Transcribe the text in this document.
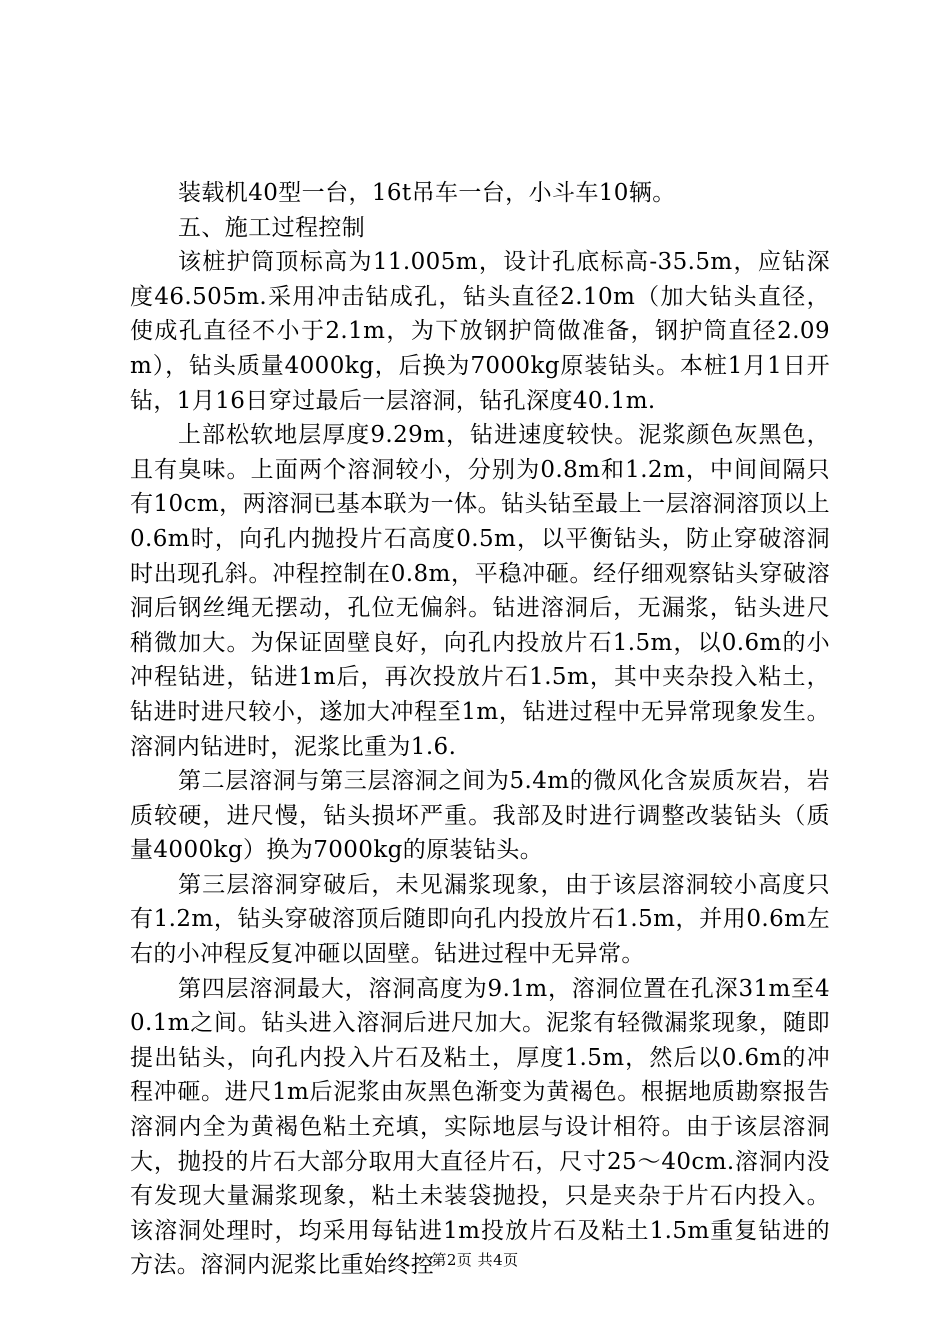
装载机40型一台，16t吊车一台，小斗车10辆。

五、施工过程控制

该桩护筒顶标高为11.005m，设计孔底标高-35.5m，应钻深度46.505m.采用冲击钻成孔，钻头直径2.10m（加大钻头直径，使成孔直径不小于2.1m，为下放钢护筒做准备，钢护筒直径2.09m），钻头质量4000kg，后换为7000kg原装钻头。本桩1月1日开钻，1月16日穿过最后一层溶洞，钻孔深度40.1m.

上部松软地层厚度9.29m，钻进速度较快。泥浆颜色灰黑色，且有臭味。上面两个溶洞较小，分别为0.8m和1.2m，中间间隔只有10cm，两溶洞已基本联为一体。钻头钻至最上一层溶洞溶顶以上0.6m时，向孔内抛投片石高度0.5m，以平衡钻头，防止穿破溶洞时出现孔斜。冲程控制在0.8m，平稳冲砸。经仔细观察钻头穿破溶洞后钢丝绳无摆动，孔位无偏斜。钻进溶洞后，无漏浆，钻头进尺稍微加大。为保证固壁良好，向孔内投放片石1.5m，以0.6m的小冲程钻进，钻进1m后，再次投放片石1.5m，其中夹杂投入粘土，钻进时进尺较小，遂加大冲程至1m，钻进过程中无异常现象发生。溶洞内钻进时，泥浆比重为1.6.

第二层溶洞与第三层溶洞之间为5.4m的微风化含炭质灰岩，岩质较硬，进尺慢，钻头损坏严重。我部及时进行调整改装钻头（质量4000kg）换为7000kg的原装钻头。

第三层溶洞穿破后，未见漏浆现象，由于该层溶洞较小高度只有1.2m，钻头穿破溶顶后随即向孔内投放片石1.5m，并用0.6m左右的小冲程反复冲砸以固壁。钻进过程中无异常。

第四层溶洞最大，溶洞高度为9.1m，溶洞位置在孔深31m至40.1m之间。钻头进入溶洞后进尺加大。泥浆有轻微漏浆现象，随即提出钻头，向孔内投入片石及粘土，厚度1.5m，然后以0.6m的冲程冲砸。进尺1m后泥浆由灰黑色渐变为黄褐色。根据地质勘察报告溶洞内全为黄褐色粘土充填，实际地层与设计相符。由于该层溶洞大，抛投的片石大部分取用大直径片石，尺寸25～40cm.溶洞内没有发现大量漏浆现象，粘土未装袋抛投，只是夹杂于片石内投入。该溶洞处理时，均采用每钻进1m投放片石及粘土1.5m重复钻进的方法。溶洞内泥浆比重始终控

第2页 共4页
